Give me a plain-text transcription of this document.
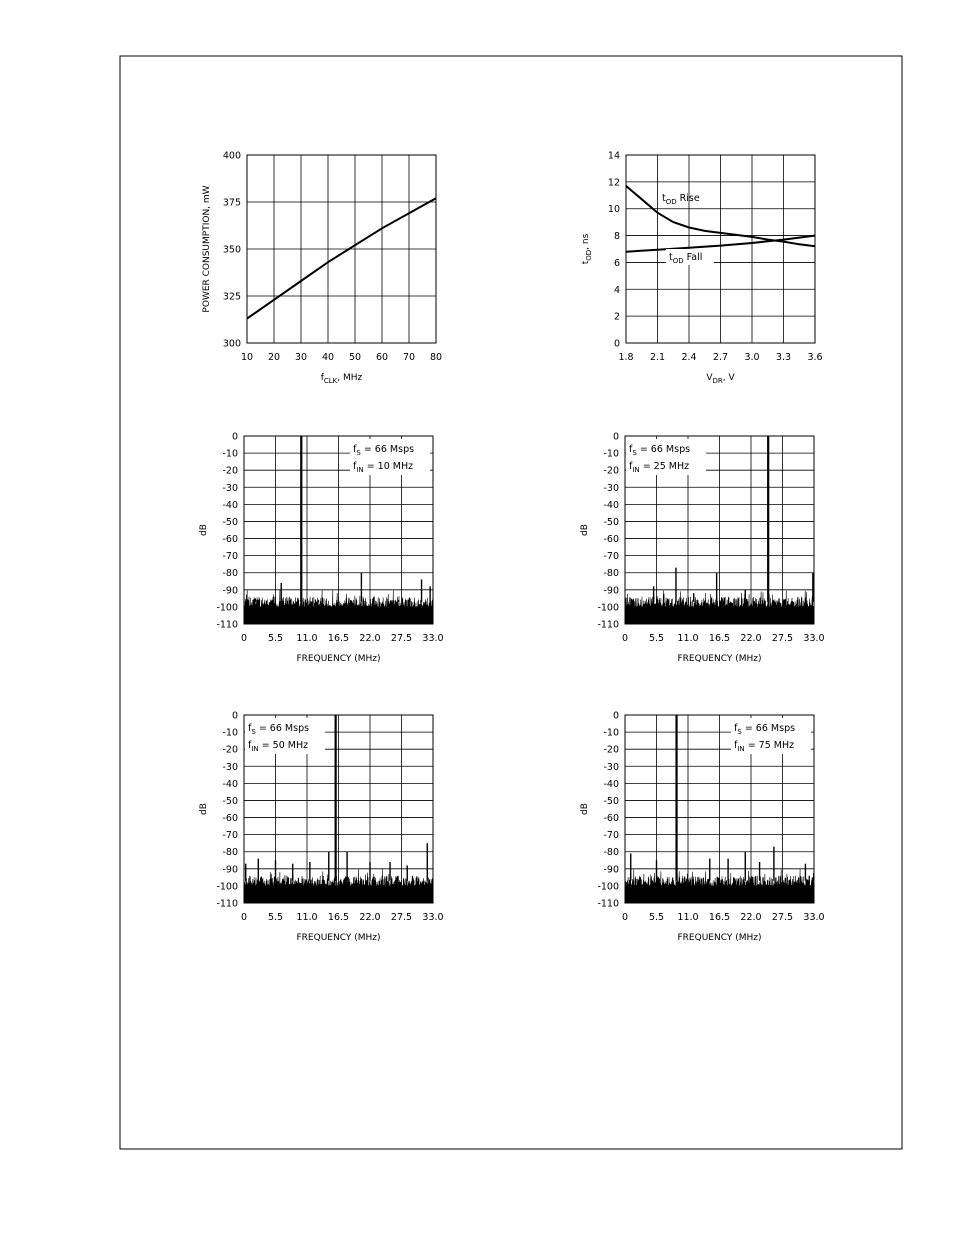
10 20 30 40 50 60 70 80
300
325
350
375
400
$f_{CLK}$, MHz
POWER CONSUMPTION, mW
1.8 2.1 2.4 2.7 3.0 3.3 3.6
0
2
4
6
8
10
12
14
$V_{DR}$, V
$t_{OD}$, ns
$t_{OD}$ Rise
$t_{OD}$ Fall
0 5.5 11.0 16.5 22.0 27.5 33.0
0
-10
-20
-30
-40
-50
-60
-70
-80
-90
-100
-110
FREQUENCY (MHz)
dB
$f_S = 66$ Msps
$f_{IN} = 10$ MHz
0 5.5 11.0 16.5 22.0 27.5 33.0
0
-10
-20
-30
-40
-50
-60
-70
-80
-90
-100
-110
FREQUENCY (MHz)
dB
$f_S = 66$ Msps
$f_{IN} = 25$ MHz
0 5.5 11.0 16.5 22.0 27.5 33.0
0
-10
-20
-30
-40
-50
-60
-70
-80
-90
-100
-110
FREQUENCY (MHz)
dB
$f_S = 66$ Msps
$f_{IN} = 50$ MHz
0 5.5 11.0 16.5 22.0 27.5 33.0
0
-10
-20
-30
-40
-50
-60
-70
-80
-90
-100
-110
FREQUENCY (MHz)
dB
$f_S = 66$ Msps
$f_{IN} = 75$ MHz
